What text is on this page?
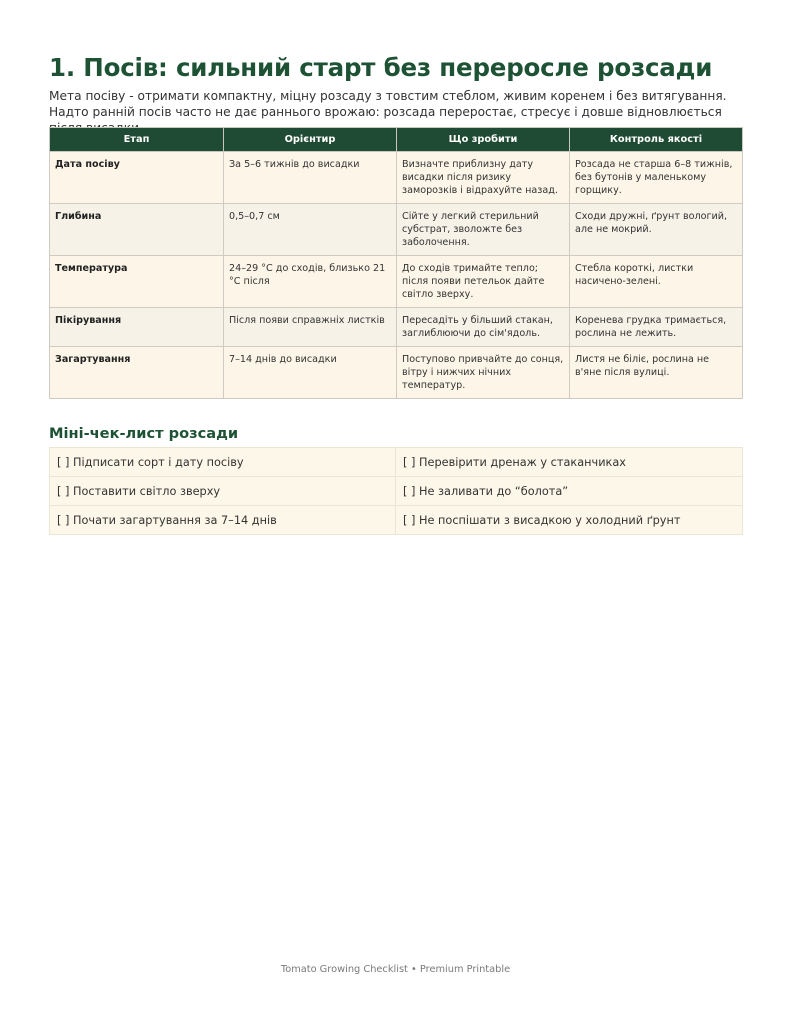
1. Посів: сильний старт без переросле розсади

Мета посіву - отримати компактну, міцну розсаду з товстим стеблом, живим коренем і без витягування. Надто ранній посів часто не дає раннього врожаю: розсада переростає, стресує і довше відновлюється

Етап	Орієнтир	Що зробити	Контроль якості
Дата посіву	За 5–6 тижнів до висадки	Визначте приблизну дату висадки після ризику заморозків і відрахуйте назад.	Розсада не старша 6–8 тижнів, без бутонів у маленькому горщику.
Глибина	0,5–0,7 см	Сійте у легкий стерильний субстрат, зволожте без заболочення.	Сходи дружні, ґрунт вологий, але не мокрий.
Температура	24–29 °C до сходів, близько 21 °C після	До сходів тримайте тепло; після появи петельок дайте світло зверху.	Стебла короткі, листки насичено-зелені.
Пікірування	Після появи справжніх листків	Пересадіть у більший стакан, заглиблюючи до сім'ядоль.	Коренева грудка тримається, рослина не лежить.
Загартування	7–14 днів до висадки	Поступово привчайте до сонця, вітру і нижчих нічних температур.	Листя не біліє, рослина не в'яне після вулиці.
Міні-чек-лист розсади
[ ] Підписати сорт і дату посіву	[ ] Перевірити дренаж у стаканчиках
[ ] Поставити світло зверху	[ ] Не заливати до “болота”
[ ] Почати загартування за 7–14 днів	[ ] Не поспішати з висадкою у холодний ґрунт
Tomato Growing Checklist • Premium Printable
